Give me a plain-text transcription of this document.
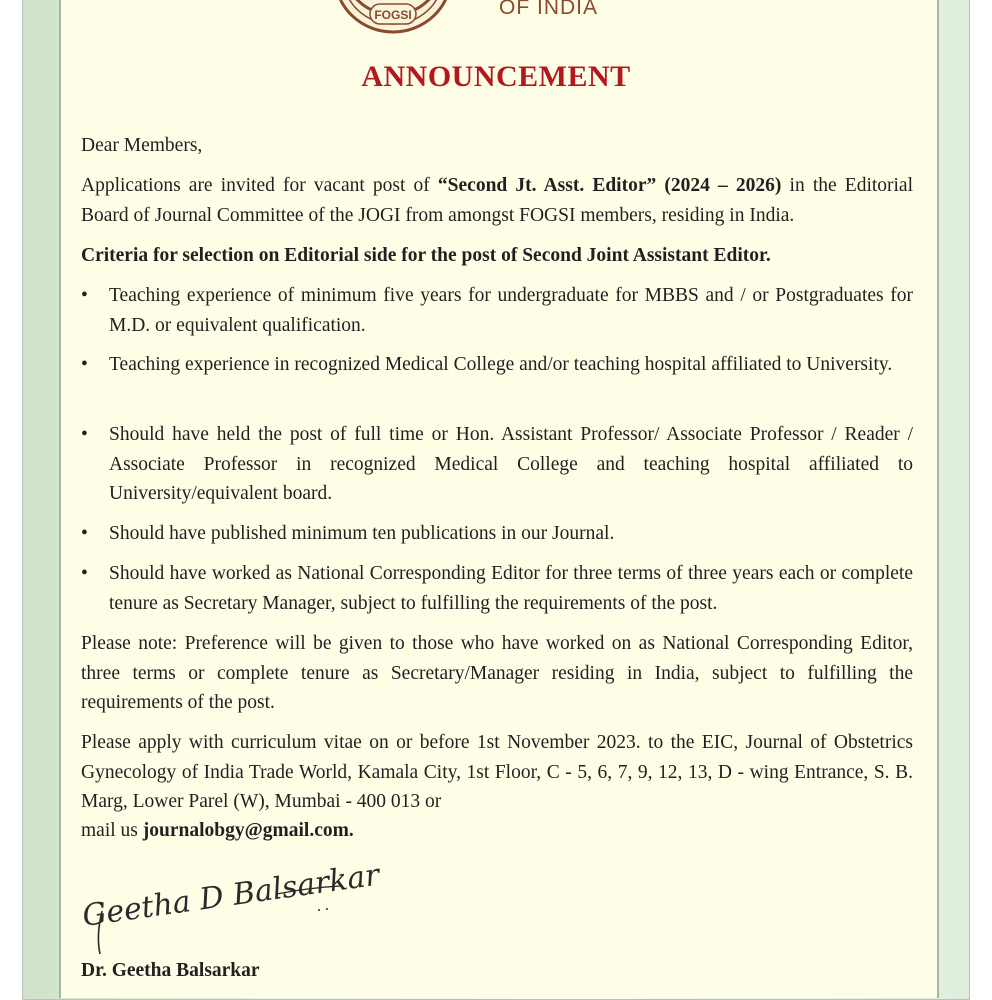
FOGSI	OF INDIA
ANNOUNCEMENT
Dear Members,
Applications are invited for vacant post of “Second Jt. Asst. Editor” (2024 – 2026) in the Editorial Board of Journal Committee of the JOGI from amongst FOGSI members, residing in India.
Criteria for selection on Editorial side for the post of Second Joint Assistant Editor.
• Teaching experience of minimum five years for undergraduate for MBBS and / or Postgraduates for M.D. or equivalent qualification.
• Teaching experience in recognized Medical College and/or teaching hospital affiliated to University.
• Should have held the post of full time or Hon. Assistant Professor/ Associate Professor / Reader / Associate Professor in recognized Medical College and teaching hospital affiliated to University/equivalent board.
• Should have published minimum ten publications in our Journal.
• Should have worked as National Corresponding Editor for three terms of three years each or complete tenure as Secretary Manager, subject to fulfilling the requirements of the post.
Please note: Preference will be given to those who have worked on as National Corresponding Editor, three terms or complete tenure as Secretary/Manager residing in India, subject to fulfilling the requirements of the post.
Please apply with curriculum vitae on or before 1st November 2023. to the EIC, Journal of Obstetrics Gynecology of India Trade World, Kamala City, 1st Floor, C - 5, 6, 7, 9, 12, 13, D - wing Entrance, S. B. Marg, Lower Parel (W), Mumbai - 400 013 or
mail us journalobgy@gmail.com.
Geetha D Balsarkar
Dr. Geetha Balsarkar
